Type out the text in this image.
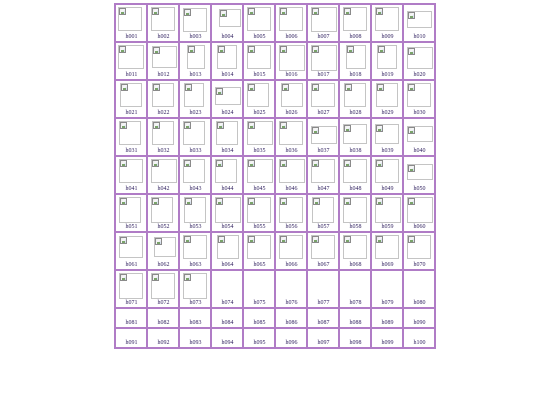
h001	h002	h003	h004	h005	h006	h007	h008	h009	h010

h011	h012	h013	h014	h015	h016	h017	h018	h019	h020

h021	h022	h023	h024	h025	h026	h027	h028	h029	h030

h031	h032	h033	h034	h035	h036	h037	h038	h039	h040

h041	h042	h043	h044	h045	h046	h047	h048	h049	h050

h051	h052	h053	h054	h055	h056	h057	h058	h059	h060

h061	h062	h063	h064	h065	h066	h067	h068	h069	h070

h071	h072	h073	h074	h075	h076	h077	h078	h079	h080

h081	h082	h083	h084	h085	h086	h087	h088	h089	h090

h091	h092	h093	h094	h095	h096	h097	h098	h099	h100
